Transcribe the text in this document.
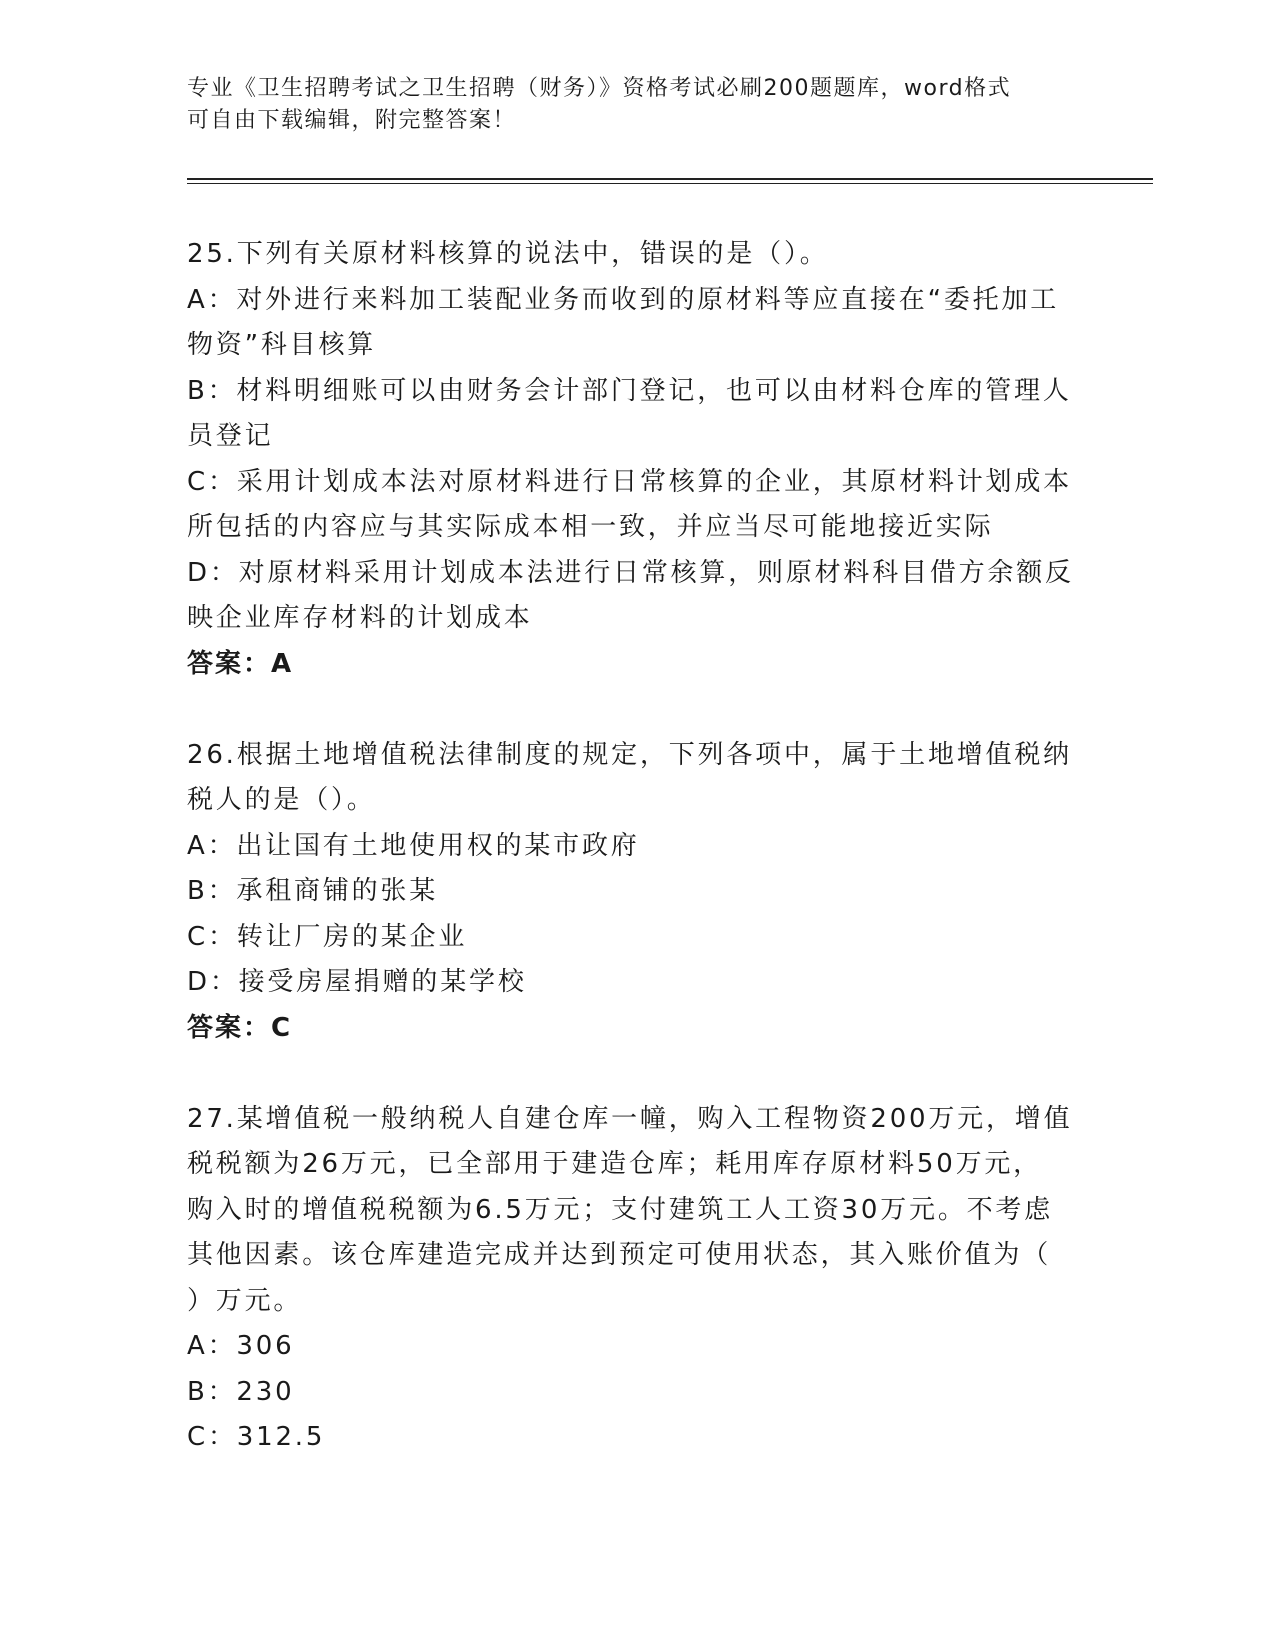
专业《卫生招聘考试之卫生招聘（财务）》资格考试必刷200题题库，word格式
可自由下载编辑，附完整答案！
25.下列有关原材料核算的说法中，错误的是（）。
A：对外进行来料加工装配业务而收到的原材料等应直接在“委托加工
物资”科目核算
B：材料明细账可以由财务会计部门登记，也可以由材料仓库的管理人
员登记
C：采用计划成本法对原材料进行日常核算的企业，其原材料计划成本
所包括的内容应与其实际成本相一致，并应当尽可能地接近实际
D：对原材料采用计划成本法进行日常核算，则原材料科目借方余额反
映企业库存材料的计划成本
答案：A
26.根据土地增值税法律制度的规定，下列各项中，属于土地增值税纳
税人的是（）。
A：出让国有土地使用权的某市政府
B：承租商铺的张某
C：转让厂房的某企业
D：接受房屋捐赠的某学校
答案：C
27.某增值税一般纳税人自建仓库一幢，购入工程物资200万元，增值
税税额为26万元，已全部用于建造仓库；耗用库存原材料50万元，
购入时的增值税税额为6.5万元；支付建筑工人工资30万元。不考虑
其他因素。该仓库建造完成并达到预定可使用状态，其入账价值为（
）万元。
A：306
B：230
C：312.5
